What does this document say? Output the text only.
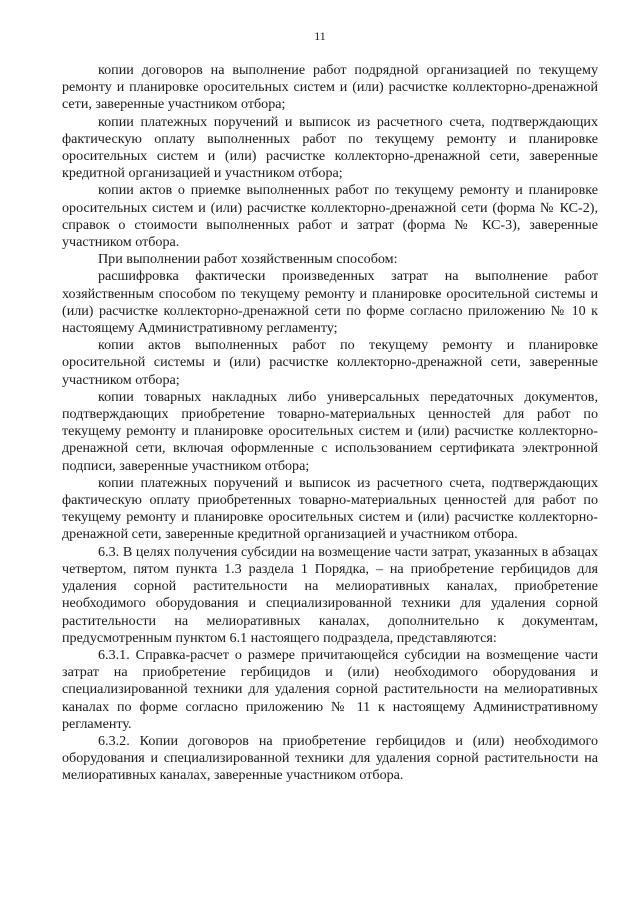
11

копии договоров на выполнение работ подрядной организацией по текущему ремонту и планировке оросительных систем и (или) расчистке коллекторно-дренажной сети, заверенные участником отбора;

копии платежных поручений и выписок из расчетного счета, подтверждающих фактическую оплату выполненных работ по текущему ремонту и планировке оросительных систем и (или) расчистке коллекторно-дренажной сети, заверенные кредитной организацией и участником отбора;

копии актов о приемке выполненных работ по текущему ремонту и планировке оросительных систем и (или) расчистке коллекторно-дренажной сети (форма № КС-2), справок о стоимости выполненных работ и затрат (форма № КС-3), заверенные участником отбора.

При выполнении работ хозяйственным способом:

расшифровка фактически произведенных затрат на выполнение работ хозяйственным способом по текущему ремонту и планировке оросительной системы и (или) расчистке коллекторно-дренажной сети по форме согласно приложению № 10 к настоящему Административному регламенту;

копии актов выполненных работ по текущему ремонту и планировке оросительной системы и (или) расчистке коллекторно-дренажной сети, заверенные участником отбора;

копии товарных накладных либо универсальных передаточных документов, подтверждающих приобретение товарно-материальных ценностей для работ по текущему ремонту и планировке оросительных систем и (или) расчистке коллекторно-дренажной сети, включая оформленные с использованием сертификата электронной подписи, заверенные участником отбора;

копии платежных поручений и выписок из расчетного счета, подтверждающих фактическую оплату приобретенных товарно-материальных ценностей для работ по текущему ремонту и планировке оросительных систем и (или) расчистке коллекторно-дренажной сети, заверенные кредитной организацией и участником отбора.

6.3. В целях получения субсидии на возмещение части затрат, указанных в абзацах четвертом, пятом пункта 1.3 раздела 1 Порядка, – на приобретение гербицидов для удаления сорной растительности на мелиоративных каналах, приобретение необходимого оборудования и специализированной техники для удаления сорной растительности на мелиоративных каналах, дополнительно к документам, предусмотренным пунктом 6.1 настоящего подраздела, представляются:

6.3.1. Справка-расчет о размере причитающейся субсидии на возмещение части затрат на приобретение гербицидов и (или) необходимого оборудования и специализированной техники для удаления сорной растительности на мелиоративных каналах по форме согласно приложению № 11 к настоящему Административному регламенту.

6.3.2. Копии договоров на приобретение гербицидов и (или) необходимого оборудования и специализированной техники для удаления сорной растительности на мелиоративных каналах, заверенные участником отбора.
